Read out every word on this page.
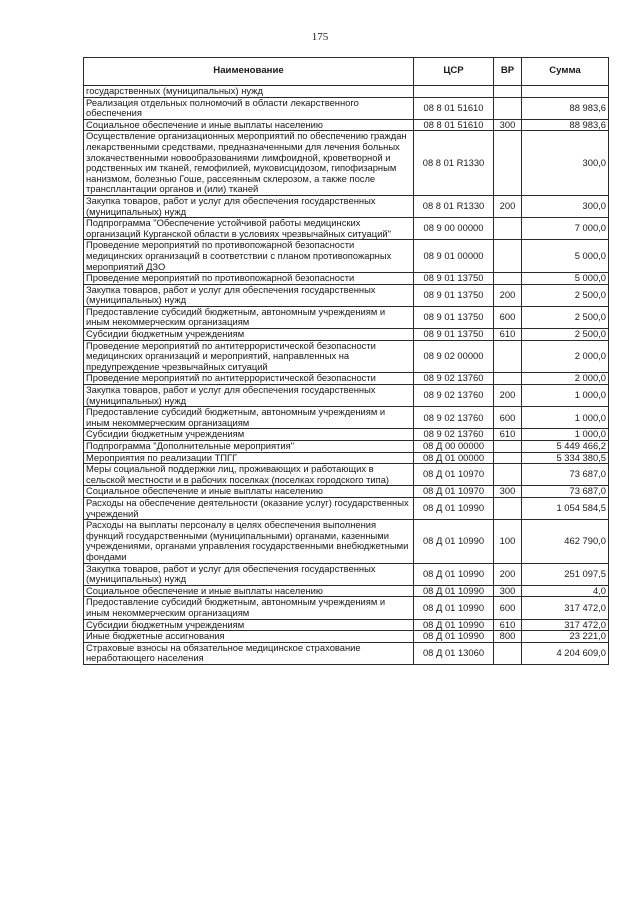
175
Наименование	ЦСР	ВР	Сумма
государственных (муниципальных) нужд			
Реализация отдельных полномочий в области лекарственного обеспечения	08 8 01 51610		88 983,6
Социальное обеспечение и иные выплаты населению	08 8 01 51610	300	88 983,6
Осуществление организационных мероприятий по обеспечению граждан лекарственными средствами, предназначенными для лечения больных злокачественными новообразованиями лимфоидной, кроветворной и родственных им тканей, гемофилией, муковисцидозом, гипофизарным нанизмом, болезнью Гоше, рассеянным склерозом, а также после трансплантации органов и (или) тканей	08 8 01 R1330		300,0
Закупка товаров, работ и услуг для обеспечения государственных (муниципальных) нужд	08 8 01 R1330	200	300,0
Подпрограмма "Обеспечение устойчивой работы медицинских организаций Курганской области в условиях чрезвычайных ситуаций"	08 9 00 00000		7 000,0
Проведение мероприятий по противопожарной безопасности медицинских организаций в соответствии с планом противопожарных мероприятий ДЗО	08 9 01 00000		5 000,0
Проведение мероприятий по противопожарной безопасности	08 9 01 13750		5 000,0
Закупка товаров, работ и услуг для обеспечения государственных (муниципальных) нужд	08 9 01 13750	200	2 500,0
Предоставление субсидий бюджетным, автономным учреждениям и иным некоммерческим организациям	08 9 01 13750	600	2 500,0
Субсидии бюджетным учреждениям	08 9 01 13750	610	2 500,0
Проведение мероприятий по антитеррористической безопасности медицинских организаций и мероприятий, направленных на предупреждение чрезвычайных ситуаций	08 9 02 00000		2 000,0
Проведение мероприятий по антитеррористической безопасности	08 9 02 13760		2 000,0
Закупка товаров, работ и услуг для обеспечения государственных (муниципальных) нужд	08 9 02 13760	200	1 000,0
Предоставление субсидий бюджетным, автономным учреждениям и иным некоммерческим организациям	08 9 02 13760	600	1 000,0
Субсидии бюджетным учреждениям	08 9 02 13760	610	1 000,0
Подпрограмма "Дополнительные мероприятия"	08 Д 00 00000		5 449 466,2
Мероприятия по реализации ТПГГ	08 Д 01 00000		5 334 380,5
Меры социальной поддержки лиц, проживающих и работающих в сельской местности и в рабочих поселках (поселках городского типа)	08 Д 01 10970		73 687,0
Социальное обеспечение и иные выплаты населению	08 Д 01 10970	300	73 687,0
Расходы на обеспечение деятельности (оказание услуг) государственных учреждений	08 Д 01 10990		1 054 584,5
Расходы на выплаты персоналу в целях обеспечения выполнения функций государственными (муниципальными) органами, казенными учреждениями, органами управления государственными внебюджетными фондами	08 Д 01 10990	100	462 790,0
Закупка товаров, работ и услуг для обеспечения государственных (муниципальных) нужд	08 Д 01 10990	200	251 097,5
Социальное обеспечение и иные выплаты населению	08 Д 01 10990	300	4,0
Предоставление субсидий бюджетным, автономным учреждениям и иным некоммерческим организациям	08 Д 01 10990	600	317 472,0
Субсидии бюджетным учреждениям	08 Д 01 10990	610	317 472,0
Иные бюджетные ассигнования	08 Д 01 10990	800	23 221,0
Страховые взносы на обязательное медицинское страхование неработающего населения	08 Д 01 13060		4 204 609,0
